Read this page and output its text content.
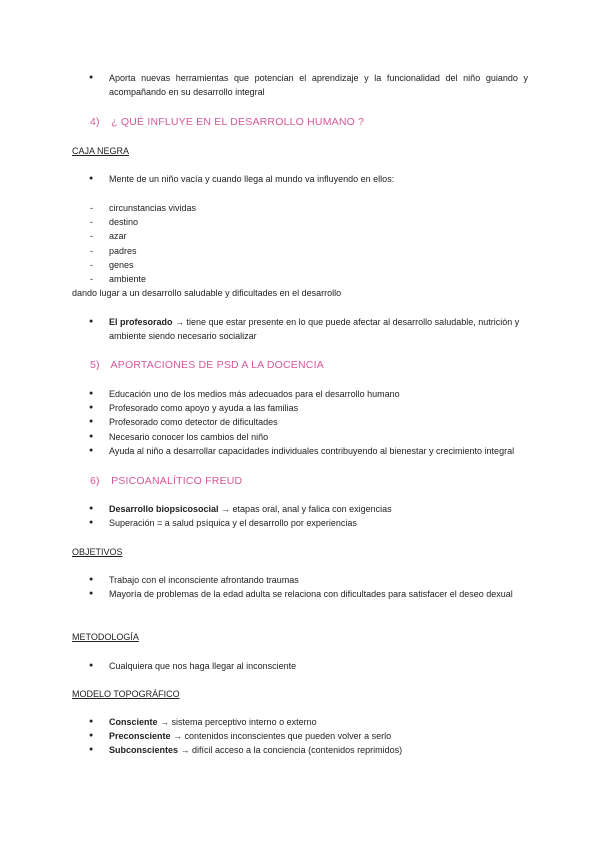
● Aporta nuevas herramientas que potencian el aprendizaje y la funcionalidad del niño guiando y acompañando en su desarrollo integral
4) ¿ QUÉ INFLUYE EN EL DESARROLLO HUMANO ?
CAJA NEGRA
● Mente de un niño vacía y cuando llega al mundo va influyendo en ellos:
- circunstancias vividas
- destino
- azar
- padres
- genes
- ambiente
dando lugar a un desarrollo saludable y dificultades en el desarrollo
● El profesorado → tiene que estar presente en lo que puede afectar al desarrollo saludable, nutrición y ambiente siendo necesario socializar
5) APORTACIONES DE PSD A LA DOCENCIA
● Educación uno de los medios más adecuados para el desarrollo humano
● Profesorado como apoyo y ayuda a las familias
● Profesorado como detector de dificultades
● Necesario conocer los cambios del niño
● Ayuda al niño a desarrollar capacidades individuales contribuyendo al bienestar y crecimiento integral
6) PSICOANALÍTICO FREUD
● Desarrollo biopsicosocial → etapas oral, anal y falica con exigencias
● Superación = a salud psíquica y el desarrollo por experiencias
OBJETIVOS
● Trabajo con el inconsciente afrontando traumas
● Mayoría de problemas de la edad adulta se relaciona con dificultades para satisfacer el deseo dexual
METODOLOGÍA
● Cualquiera que nos haga llegar al inconsciente
MODELO TOPOGRÁFICO
● Consciente → sistema perceptivo interno o externo
● Preconsciente → contenidos inconscientes que pueden volver a serlo
● Subconscientes → difícil acceso a la conciencia (contenidos reprimidos)
